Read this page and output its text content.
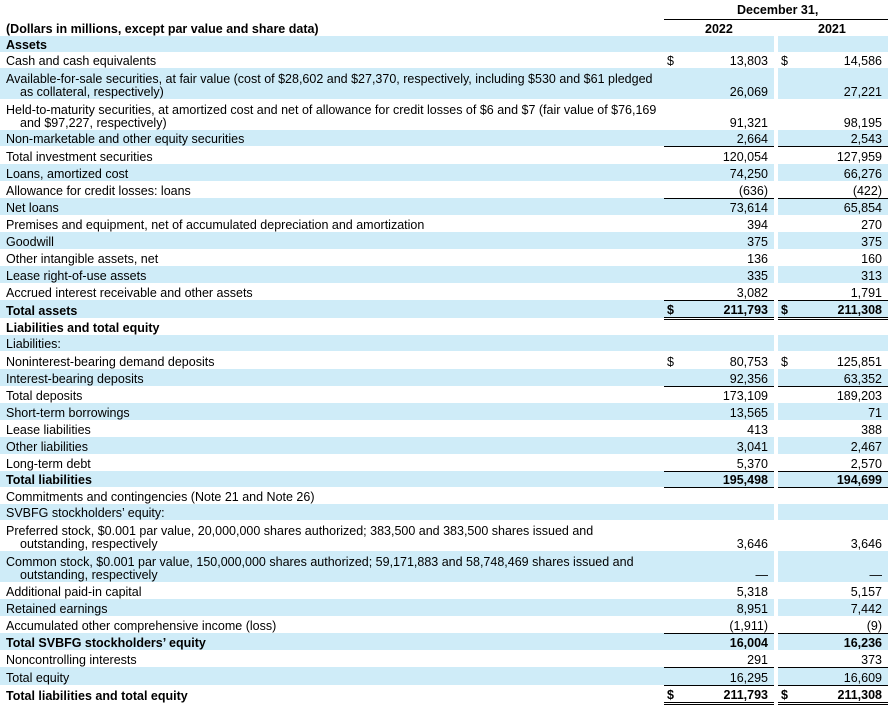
December 31,
(Dollars in millions, except par value and share data)	2022	2021
Assets					
Cash and cash equivalents	$	13,803		$	14,586
Available-for-sale securities, at fair value (cost of $28,602 and $27,370, respectively, including $530 and $61 pledged
as collateral, respectively)		26,069			27,221
Held-to-maturity securities, at amortized cost and net of allowance for credit losses of $6 and $7 (fair value of $76,169
and $97,227, respectively)		91,321			98,195
Non-marketable and other equity securities		2,664			2,543
Total investment securities		120,054			127,959
Loans, amortized cost		74,250			66,276
Allowance for credit losses: loans		(636)			(422)
Net loans		73,614			65,854
Premises and equipment, net of accumulated depreciation and amortization		394			270
Goodwill		375			375
Other intangible assets, net		136			160
Lease right-of-use assets		335			313
Accrued interest receivable and other assets		3,082			1,791
Total assets	$	211,793		$	211,308
Liabilities and total equity					
Liabilities:					
Noninterest-bearing demand deposits	$	80,753		$	125,851
Interest-bearing deposits		92,356			63,352
Total deposits		173,109			189,203
Short-term borrowings		13,565			71
Lease liabilities		413			388
Other liabilities		3,041			2,467
Long-term debt		5,370			2,570
Total liabilities		195,498			194,699
Commitments and contingencies (Note 21 and Note 26)					
SVBFG stockholders’ equity:					
Preferred stock, $0.001 par value, 20,000,000 shares authorized; 383,500 and 383,500 shares issued and
outstanding, respectively		3,646			3,646
Common stock, $0.001 par value, 150,000,000 shares authorized; 59,171,883 and 58,748,469 shares issued and
outstanding, respectively		—			—
Additional paid-in capital		5,318			5,157
Retained earnings		8,951			7,442
Accumulated other comprehensive income (loss)		(1,911)			(9)
Total SVBFG stockholders’ equity		16,004			16,236
Noncontrolling interests		291			373
Total equity		16,295			16,609
Total liabilities and total equity	$	211,793		$	211,308
